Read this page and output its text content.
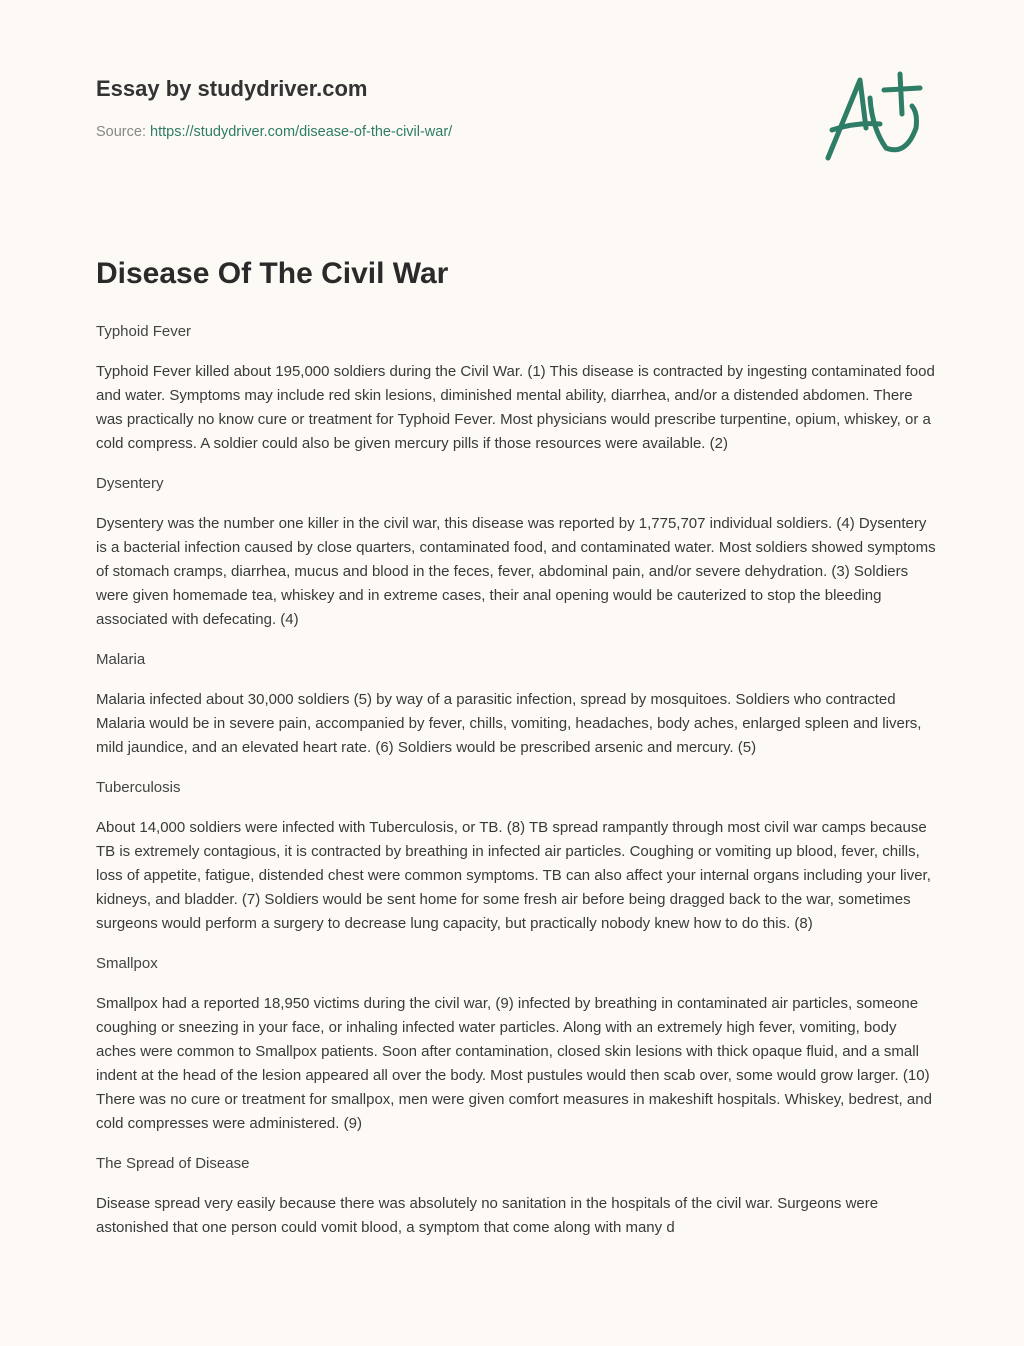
Essay by studydriver.com

Source: https://studydriver.com/disease-of-the-civil-war/
Disease Of The Civil War

Typhoid Fever

Typhoid Fever killed about 195,000 soldiers during the Civil War. (1) This disease is contracted by ingesting contaminated food and water. Symptoms may include red skin lesions, diminished mental ability, diarrhea, and/or a distended abdomen. There was practically no know cure or treatment for Typhoid Fever. Most physicians would prescribe turpentine, opium, whiskey, or a cold compress. A soldier could also be given mercury pills if those resources were available. (2)

Dysentery

Dysentery was the number one killer in the civil war, this disease was reported by 1,775,707 individual soldiers. (4) Dysentery is a bacterial infection caused by close quarters, contaminated food, and contaminated water. Most soldiers showed symptoms of stomach cramps, diarrhea, mucus and blood in the feces, fever, abdominal pain, and/or severe dehydration. (3) Soldiers were given homemade tea, whiskey and in extreme cases, their anal opening would be cauterized to stop the bleeding associated with defecating. (4)

Malaria

Malaria infected about 30,000 soldiers (5) by way of a parasitic infection, spread by mosquitoes. Soldiers who contracted Malaria would be in severe pain, accompanied by fever, chills, vomiting, headaches, body aches, enlarged spleen and livers, mild jaundice, and an elevated heart rate. (6) Soldiers would be prescribed arsenic and mercury. (5)

Tuberculosis

About 14,000 soldiers were infected with Tuberculosis, or TB. (8) TB spread rampantly through most civil war camps because TB is extremely contagious, it is contracted by breathing in infected air particles. Coughing or vomiting up blood, fever, chills, loss of appetite, fatigue, distended chest were common symptoms. TB can also affect your internal organs including your liver, kidneys, and bladder. (7) Soldiers would be sent home for some fresh air before being dragged back to the war, sometimes surgeons would perform a surgery to decrease lung capacity, but practically nobody knew how to do this. (8)

Smallpox

Smallpox had a reported 18,950 victims during the civil war, (9) infected by breathing in contaminated air particles, someone coughing or sneezing in your face, or inhaling infected water particles. Along with an extremely high fever, vomiting, body aches were common to Smallpox patients. Soon after contamination, closed skin lesions with thick opaque fluid, and a small indent at the head of the lesion appeared all over the body. Most pustules would then scab over, some would grow larger. (10) There was no cure or treatment for smallpox, men were given comfort measures in makeshift hospitals. Whiskey, bedrest, and cold compresses were administered. (9)

The Spread of Disease

Disease spread very easily because there was absolutely no sanitation in the hospitals of the civil war. Surgeons were astonished that one person could vomit blood, a symptom that come along with many d
